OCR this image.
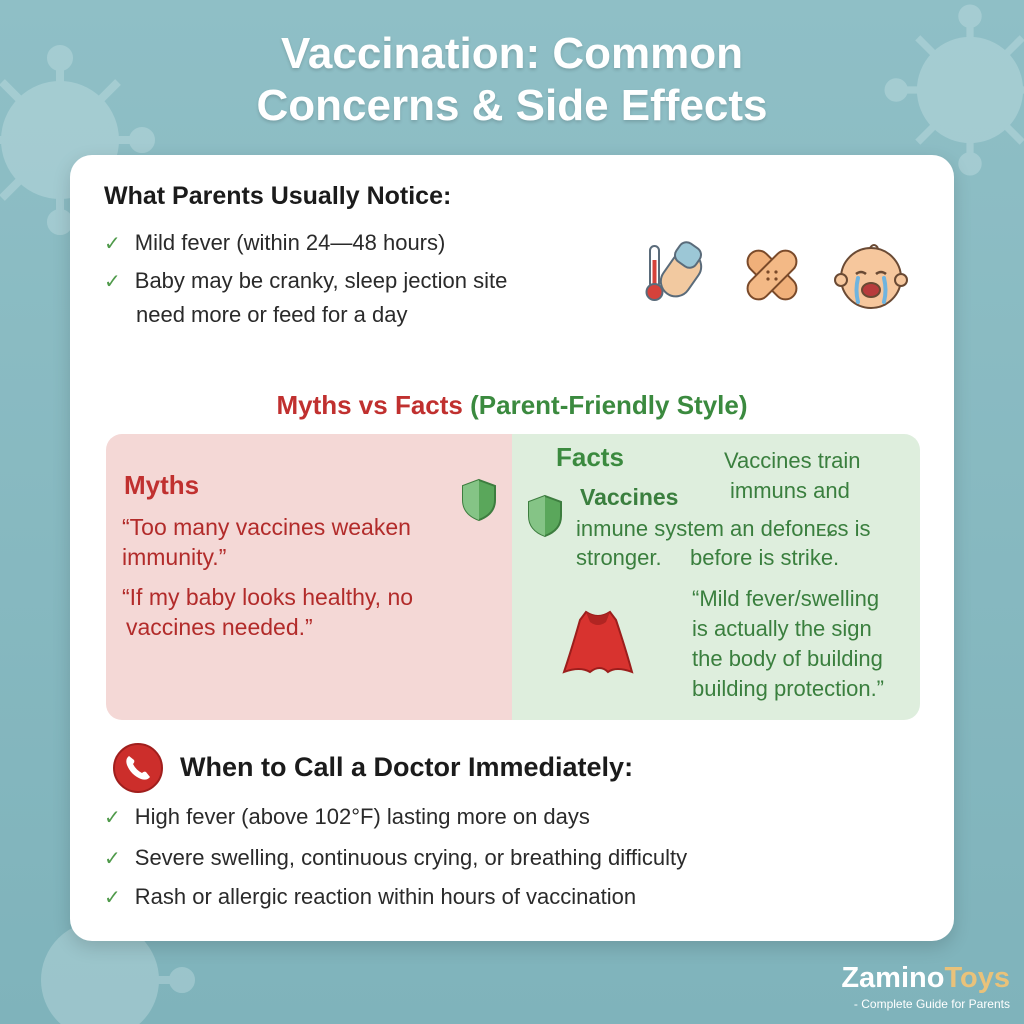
Vaccination: Common
Concerns & Side Effects
What Parents Usually Notice:
✓ Mild fever (within 24—48 hours)
✓ Baby may be cranky, sleep jection site
need more or feed for a day
Myths vs Facts (Parent-Friendly Style)
Myths
“Too many vaccines weaken
immunity.”
“If my baby looks healthy, no
vaccines needed.”
Facts
Vaccines
Vaccines train
immuns and
inmune system an defonᴇɕs is
stronger. before is strike.
“Mild fever/swelling
is actually the sign
the body of building
building protection.”
When to Call a Doctor Immediately:
✓ High fever (above 102°F) lasting more on days
✓ Severe swelling, continuous crying, or breathing difficulty
✓ Rash or allergic reaction within hours of vaccination
ZaminoToys
- Complete Guide for Parents
